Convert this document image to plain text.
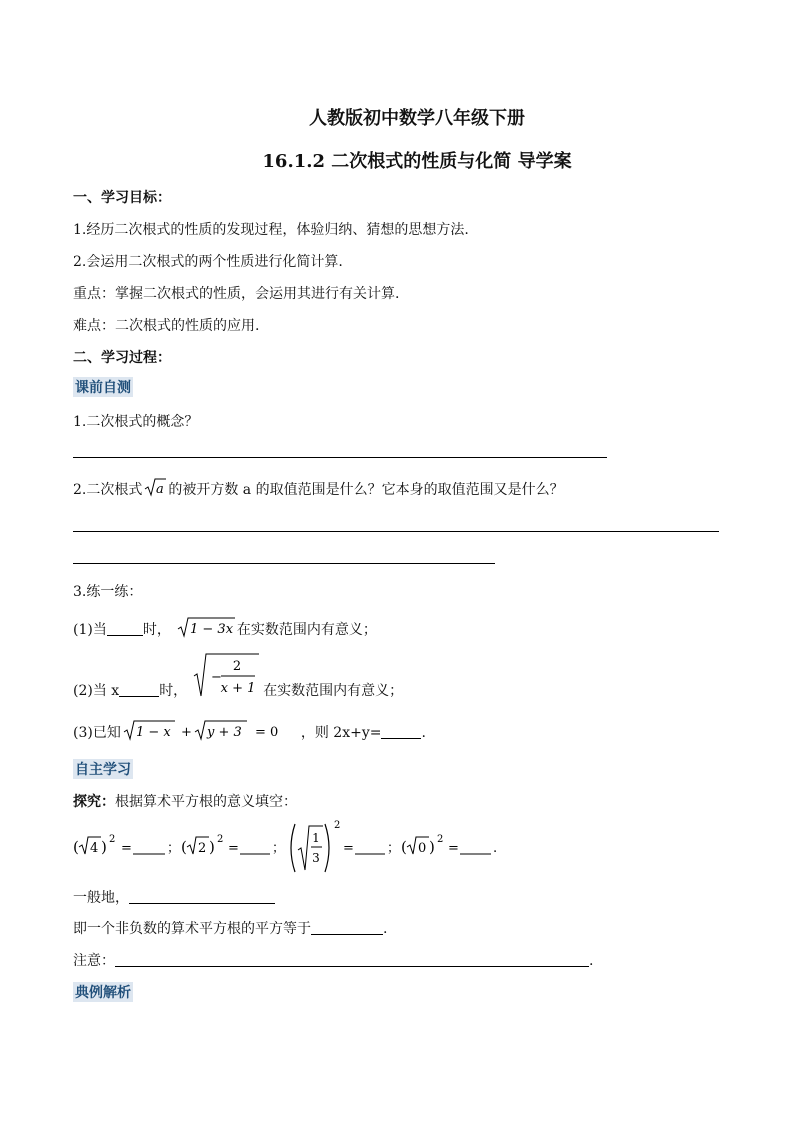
人教版初中数学八年级下册
16.1.2 二次根式的性质与化简 导学案
一、学习目标：
1.经历二次根式的性质的发现过程，体验归纳、猜想的思想方法.
2.会运用二次根式的两个性质进行化简计算.
重点：掌握二次根式的性质，会运用其进行有关计算.
难点：二次根式的性质的应用.
二、学习过程：
课前自测
1.二次根式的概念？
2.二次根式 a 的被开方数 a 的取值范围是什么？它本身的取值范围又是什么？
3.练一练：
(1)当	时， 1 − 3x 在实数范围内有意义；
(2)当 x	时，
−
2
x + 1 在实数范围内有意义；
(3)已知 1 − x + y + 3 = 0 ，则 2x+y=	.
自主学习
探究：根据算术平方根的意义填空：
( 4 ) 2
=	； ( 2 ) 2
=	；
1
3
2
=	； ( 0 ) 2
=	.
一般地，
即一个非负数的算术平方根的平方等于	.
注意：	.
典例解析
